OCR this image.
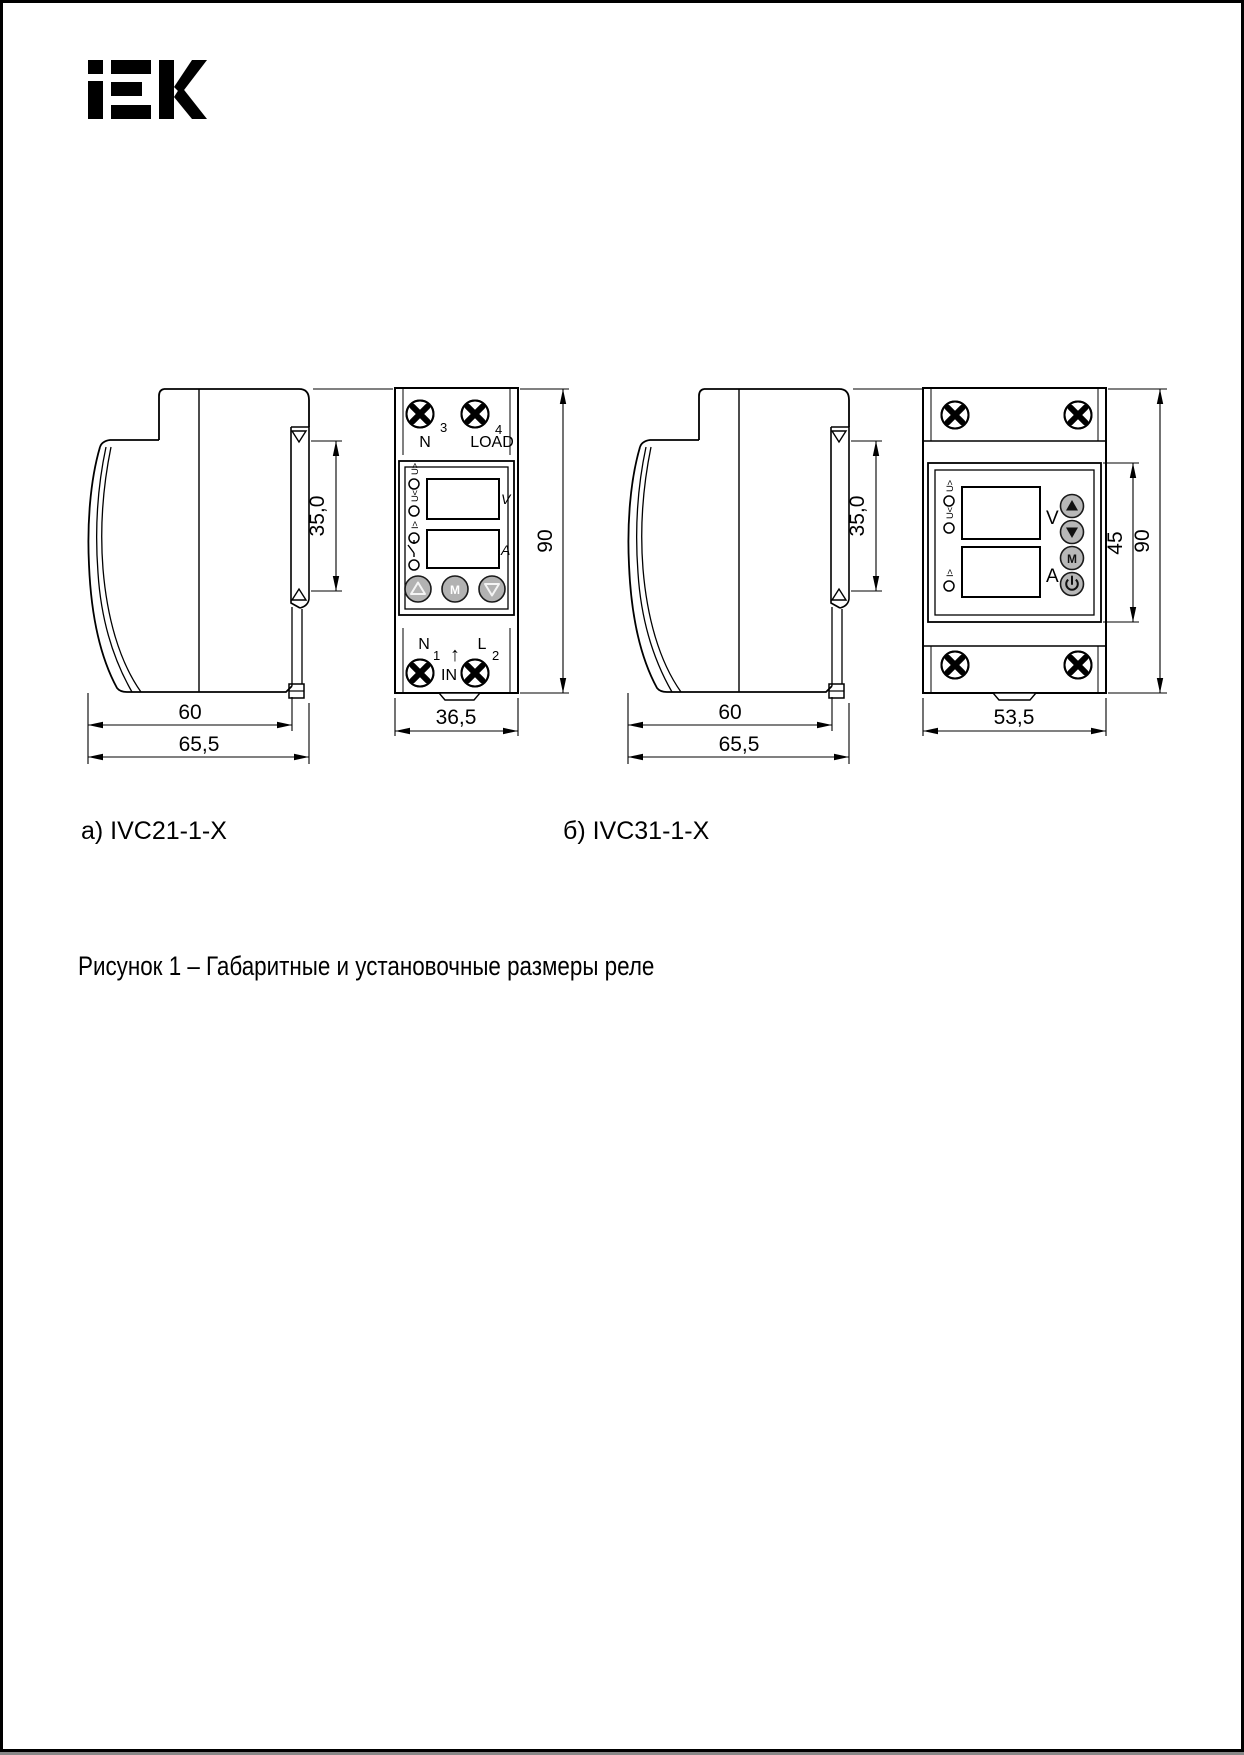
35,0
60
65,5
3
N
4
LOAD
U>
U<
I>
V
A
M
N
1 ↑ L
2
IN
90
36,5
35,0
60
65,5
U>
U<
I>
V
A
M
45 90
53,5
а) IVC21-1-X	б) IVC31-1-X
Рисунок 1 – Габаритные и установочные размеры реле
